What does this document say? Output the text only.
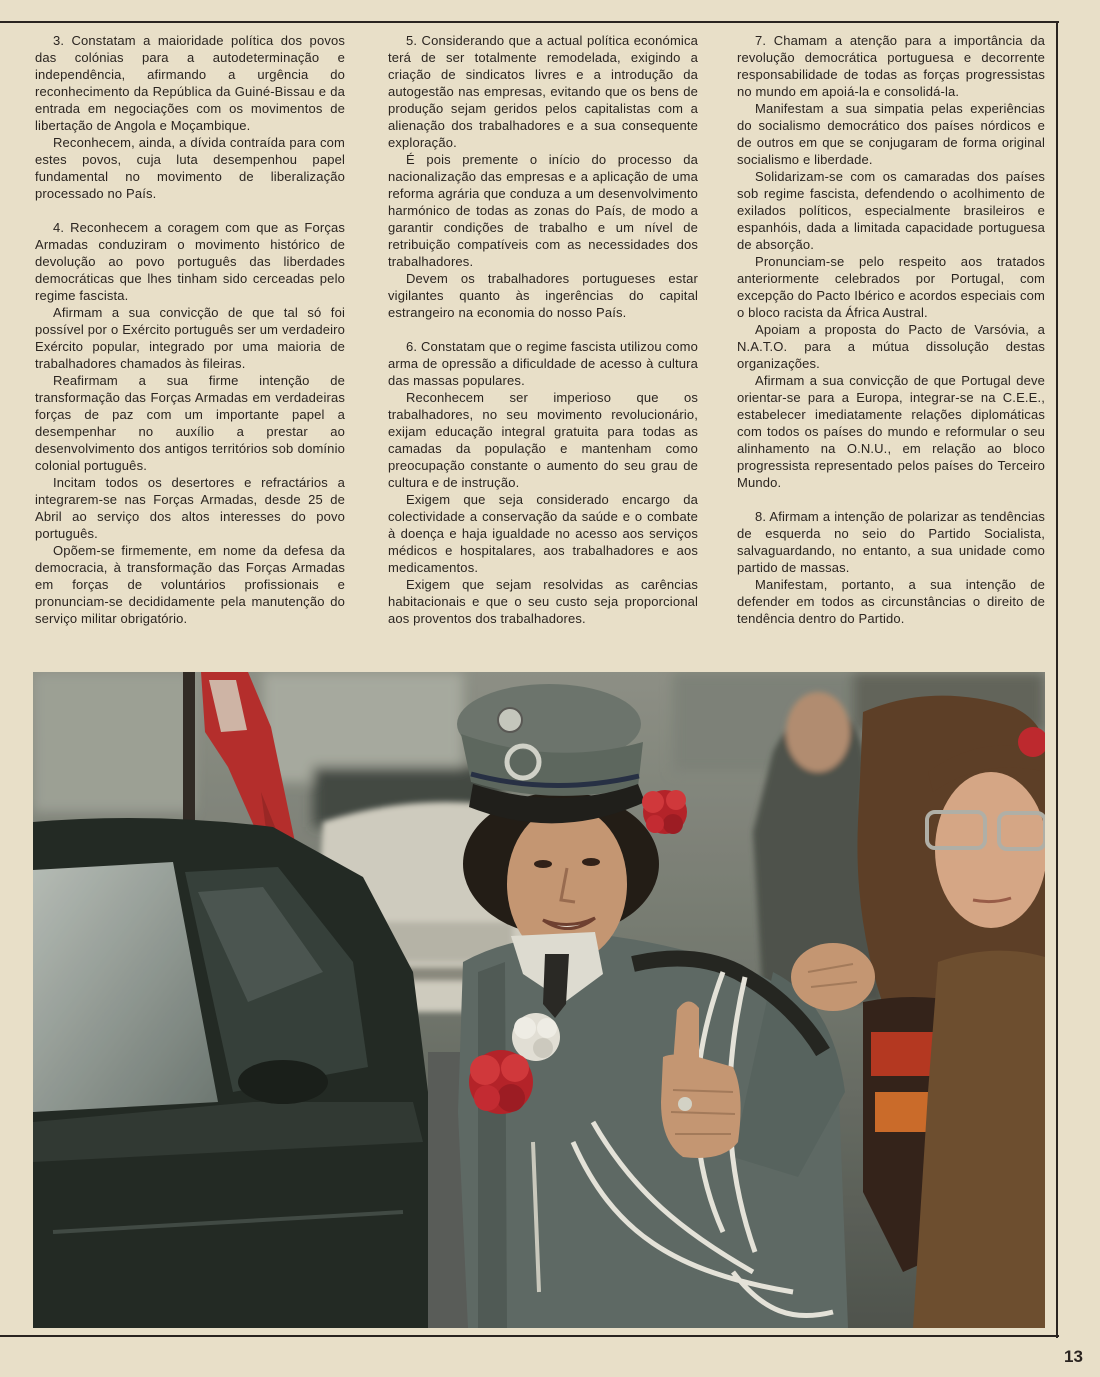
3. Constatam a maioridade política dos povos das colónias para a autodeterminação e independência, afirmando a urgência do reconhecimento da República da Guiné-Bissau e da entrada em negociações com os movimentos de libertação de Angola e Moçambique.

Reconhecem, ainda, a dívida contraída para com estes povos, cuja luta desempenhou papel fundamental no movimento de liberalização processado no País.

4. Reconhecem a coragem com que as Forças Armadas conduziram o movimento histórico de devolução ao povo português das liberdades democráticas que lhes tinham sido cerceadas pelo regime fascista.

Afirmam a sua convicção de que tal só foi possível por o Exército português ser um verdadeiro Exército popular, integrado por uma maioria de trabalhadores chamados às fileiras.

Reafirmam a sua firme intenção de transformação das Forças Armadas em verdadeiras forças de paz com um importante papel a desempenhar no auxílio a prestar ao desenvolvimento dos antigos territórios sob domínio colonial português.

Incitam todos os desertores e refractários a integrarem-se nas Forças Armadas, desde 25 de Abril ao serviço dos altos interesses do povo português.

Opõem-se firmemente, em nome da defesa da democracia, à transformação das Forças Armadas em forças de voluntários profissionais e pronunciam-se decididamente pela manutenção do serviço militar obrigatório.

5. Considerando que a actual política económica terá de ser totalmente remodelada, exigindo a criação de sindicatos livres e a introdução da autogestão nas empresas, evitando que os bens de produção sejam geridos pelos capitalistas com a alienação dos trabalhadores e a sua consequente exploração.

É pois premente o início do processo da nacionalização das empresas e a aplicação de uma reforma agrária que conduza a um desenvolvimento harmónico de todas as zonas do País, de modo a garantir condições de trabalho e um nível de retribuição compatíveis com as necessidades dos trabalhadores.

Devem os trabalhadores portugueses estar vigilantes quanto às ingerências do capital estrangeiro na economia do nosso País.

6. Constatam que o regime fascista utilizou como arma de opressão a dificuldade de acesso à cultura das massas populares.

Reconhecem ser imperioso que os trabalhadores, no seu movimento revolucionário, exijam educação integral gratuita para todas as camadas da população e mantenham como preocupação constante o aumento do seu grau de cultura e de instrução.

Exigem que seja considerado encargo da colectividade a conservação da saúde e o combate à doença e haja igualdade no acesso aos serviços médicos e hospitalares, aos trabalhadores e aos medicamentos.

Exigem que sejam resolvidas as carências habitacionais e que o seu custo seja proporcional aos proventos dos trabalhadores.

7. Chamam a atenção para a importância da revolução democrática portuguesa e decorrente responsabilidade de todas as forças progressistas no mundo em apoiá-la e consolidá-la.

Manifestam a sua simpatia pelas experiências do socialismo democrático dos países nórdicos e de outros em que se conjugaram de forma original socialismo e liberdade.

Solidarizam-se com os camaradas dos países sob regime fascista, defendendo o acolhimento de exilados políticos, especialmente brasileiros e espanhóis, dada a limitada capacidade portuguesa de absorção.

Pronunciam-se pelo respeito aos tratados anteriormente celebrados por Portugal, com excepção do Pacto Ibérico e acordos especiais com o bloco racista da África Austral.

Apoiam a proposta do Pacto de Varsóvia, a N.A.T.O. para a mútua dissolução destas organizações.

Afirmam a sua convicção de que Portugal deve orientar-se para a Europa, integrar-se na C.E.E., estabelecer imediatamente relações diplomáticas com todos os países do mundo e reformular o seu alinhamento na O.N.U., em relação ao bloco progressista representado pelos países do Terceiro Mundo.

8. Afirmam a intenção de polarizar as tendências de esquerda no seio do Partido Socialista, salvaguardando, no entanto, a sua unidade como partido de massas.

Manifestam, portanto, a sua intenção de defender em todos as circunstâncias o direito de tendência dentro do Partido.

13
